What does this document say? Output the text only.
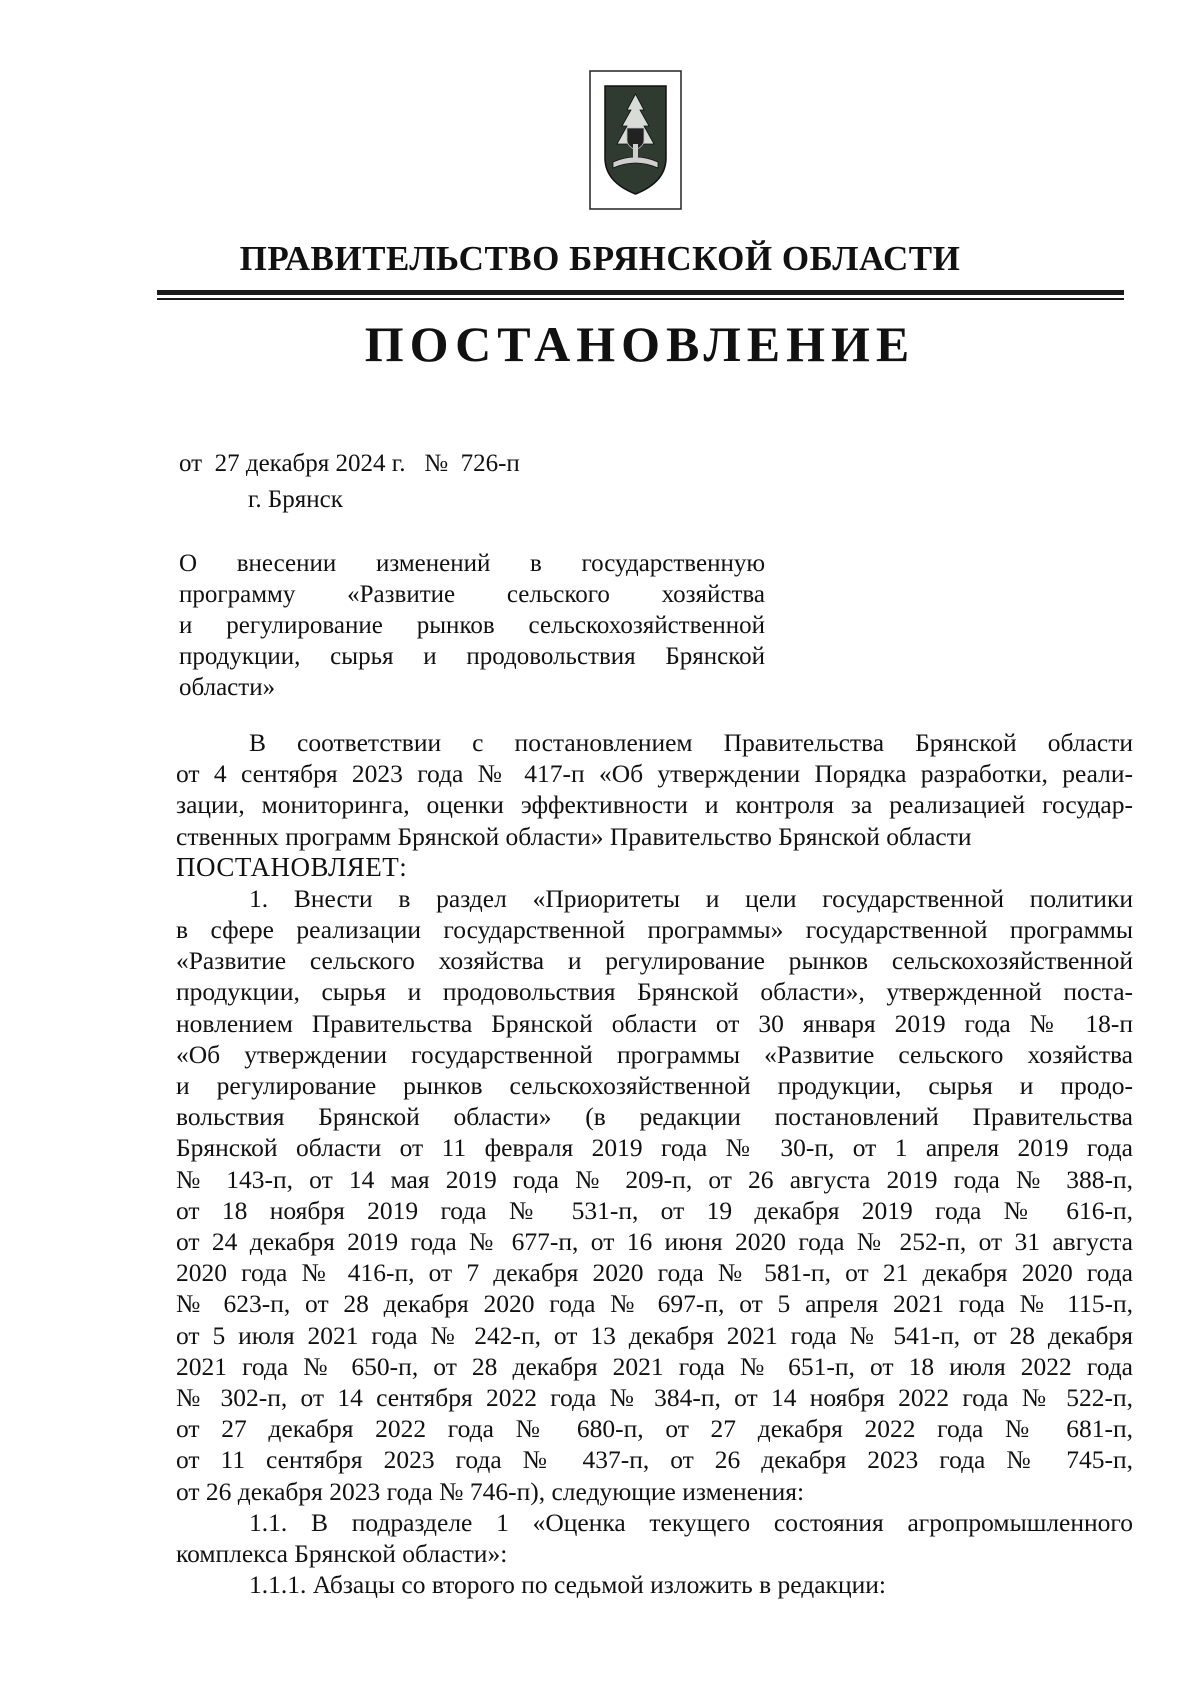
ПРАВИТЕЛЬСТВО БРЯНСКОЙ ОБЛАСТИ
ПОСТАНОВЛЕНИЕ
от 27 декабря 2024 г. № 726-п
г. Брянск
О внесении изменений в государственную
программу «Развитие сельского хозяйства
и регулирование рынков сельскохозяйственной
продукции, сырья и продовольствия Брянской
области»
В соответствии с постановлением Правительства Брянской области
от 4 сентября 2023 года № 417-п «Об утверждении Порядка разработки, реали-
зации, мониторинга, оценки эффективности и контроля за реализацией государ-
ственных программ Брянской области» Правительство Брянской области
ПОСТАНОВЛЯЕТ:
1. Внести в раздел «Приоритеты и цели государственной политики
в сфере реализации государственной программы» государственной программы
«Развитие сельского хозяйства и регулирование рынков сельскохозяйственной
продукции, сырья и продовольствия Брянской области», утвержденной поста-
новлением Правительства Брянской области от 30 января 2019 года № 18-п
«Об утверждении государственной программы «Развитие сельского хозяйства
и регулирование рынков сельскохозяйственной продукции, сырья и продо-
вольствия Брянской области» (в редакции постановлений Правительства
Брянской области от 11 февраля 2019 года № 30-п, от 1 апреля 2019 года
№ 143-п, от 14 мая 2019 года № 209-п, от 26 августа 2019 года № 388-п,
от 18 ноября 2019 года № 531-п, от 19 декабря 2019 года № 616-п,
от 24 декабря 2019 года № 677-п, от 16 июня 2020 года № 252-п, от 31 августа
2020 года № 416-п, от 7 декабря 2020 года № 581-п, от 21 декабря 2020 года
№ 623-п, от 28 декабря 2020 года № 697-п, от 5 апреля 2021 года № 115-п,
от 5 июля 2021 года № 242-п, от 13 декабря 2021 года № 541-п, от 28 декабря
2021 года № 650-п, от 28 декабря 2021 года № 651-п, от 18 июля 2022 года
№ 302-п, от 14 сентября 2022 года № 384-п, от 14 ноября 2022 года № 522-п,
от 27 декабря 2022 года № 680-п, от 27 декабря 2022 года № 681-п,
от 11 сентября 2023 года № 437-п, от 26 декабря 2023 года № 745-п,
от 26 декабря 2023 года № 746-п), следующие изменения:
1.1. В подразделе 1 «Оценка текущего состояния агропромышленного
комплекса Брянской области»:
1.1.1. Абзацы со второго по седьмой изложить в редакции:
